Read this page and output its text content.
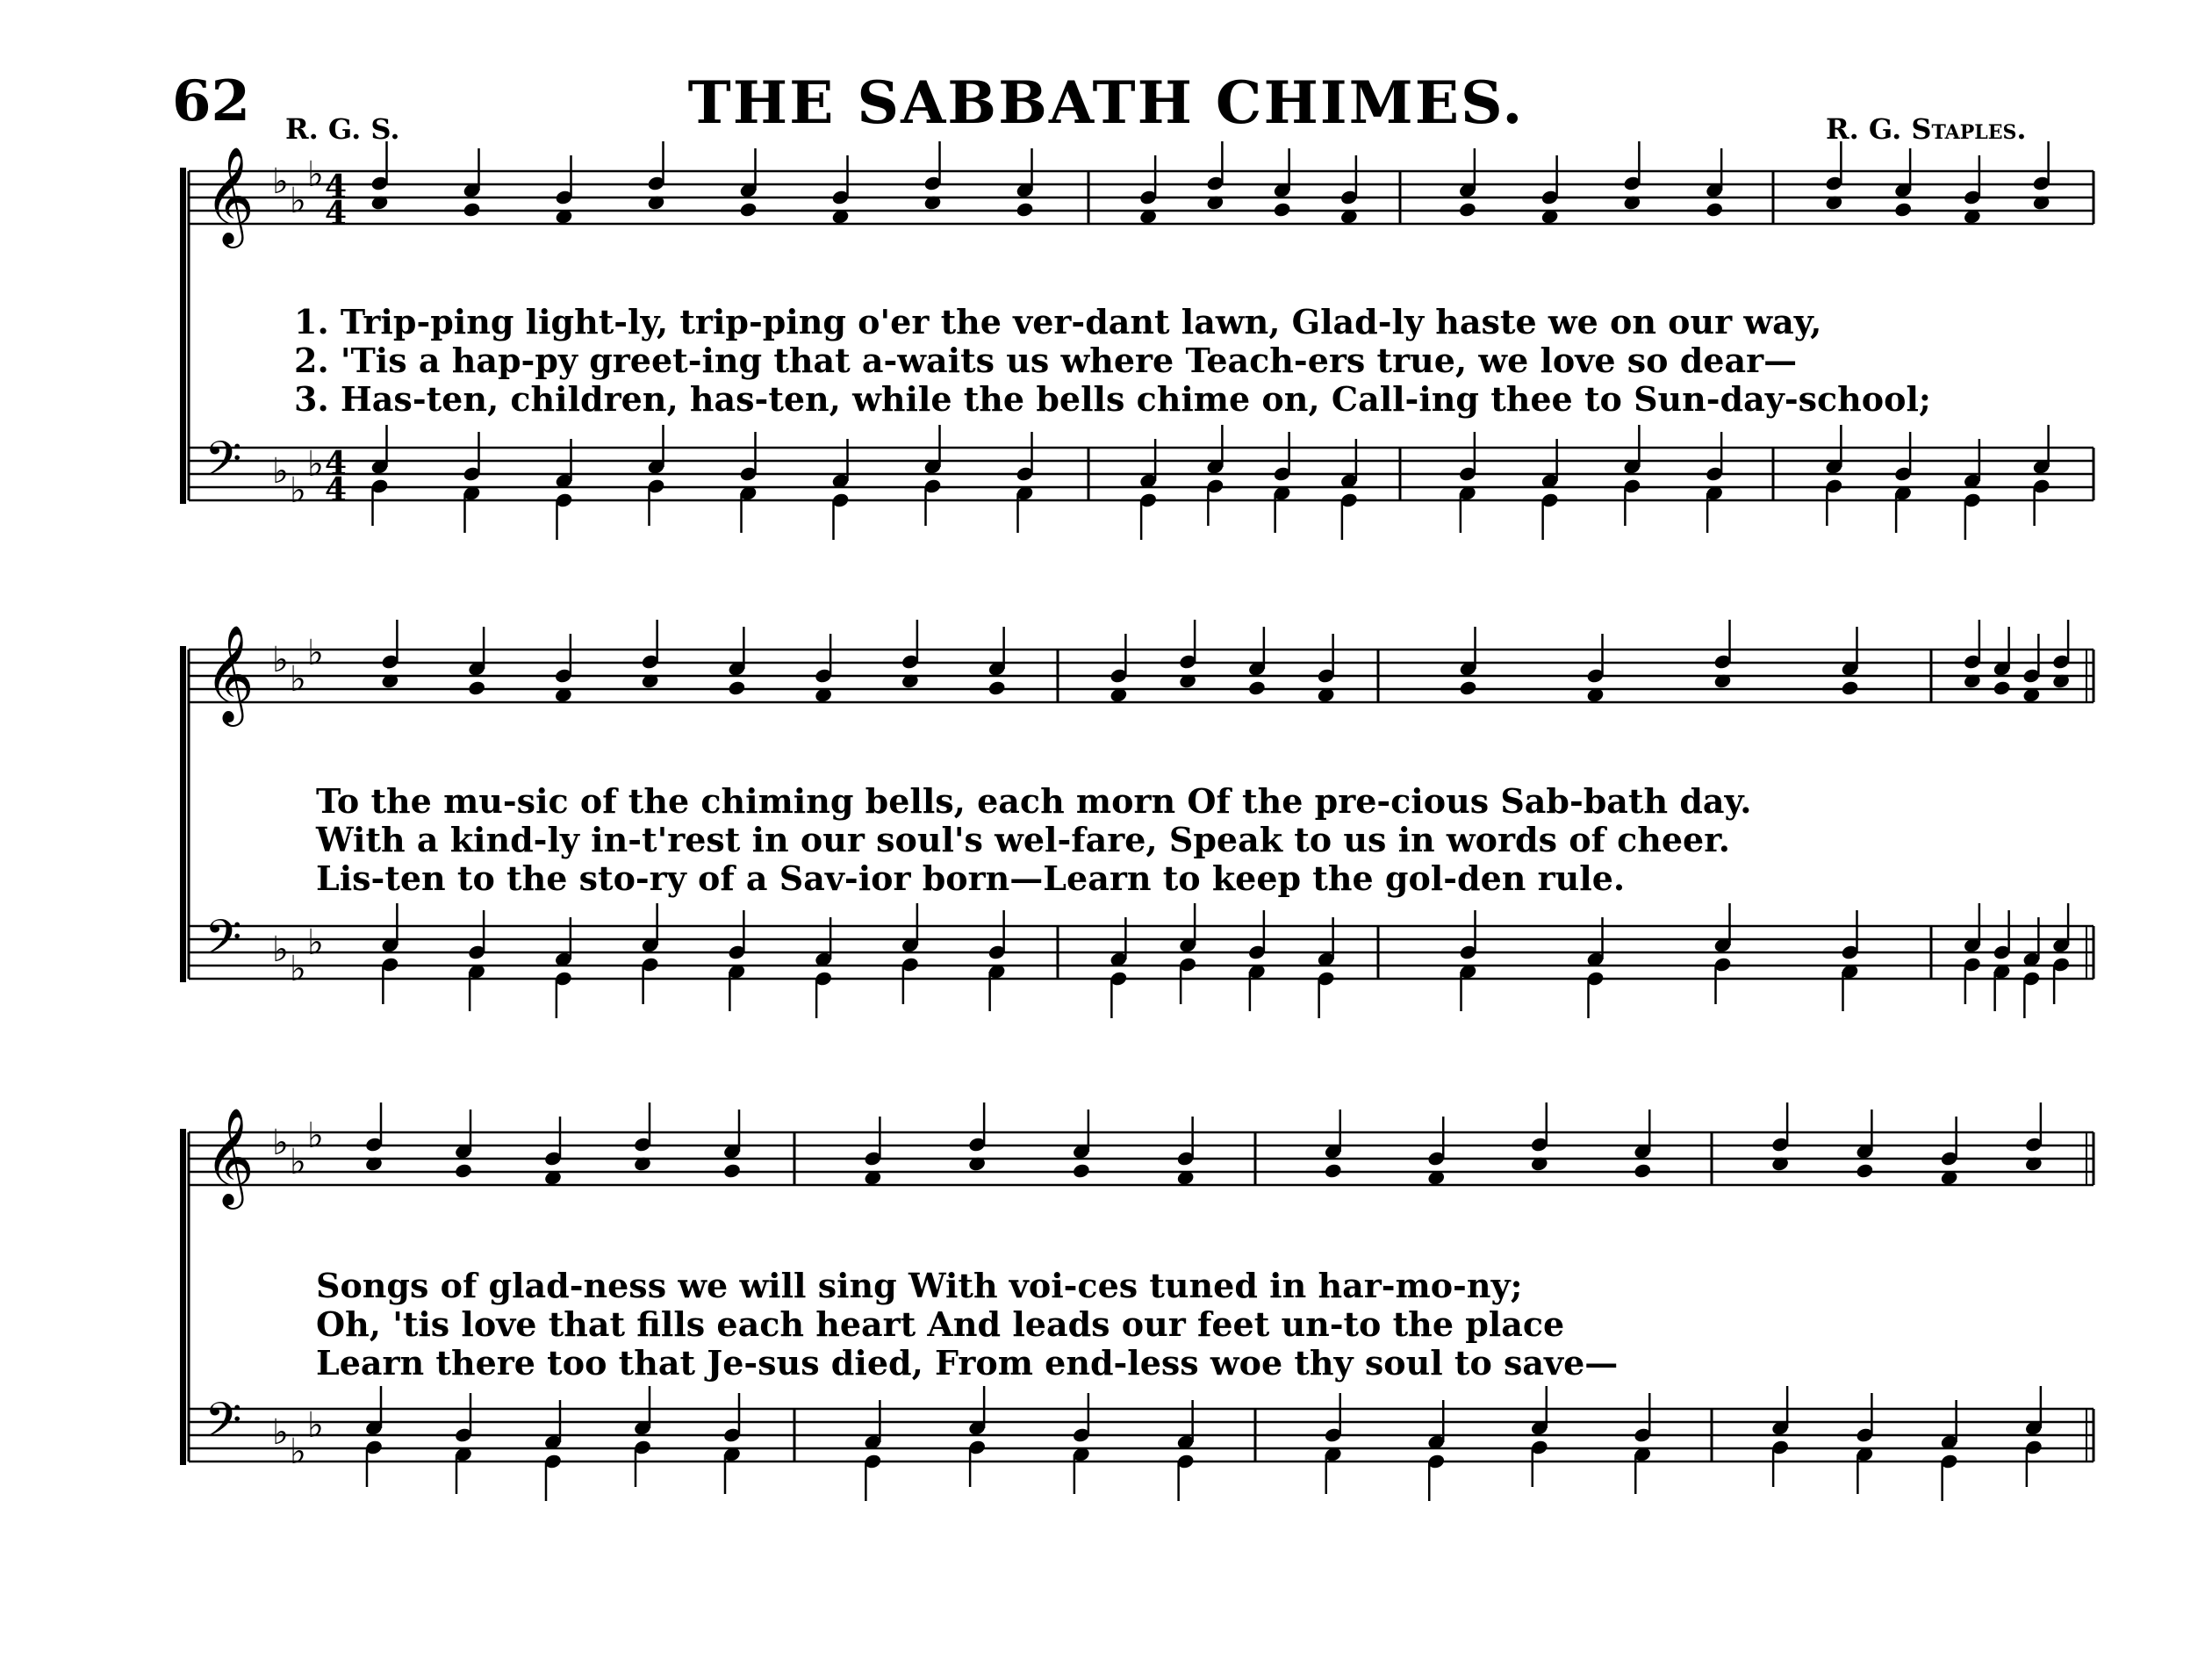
62	THE SABBATH CHIMES.
R. G. S.	R. G. Staples.
𝄞 ♭ ♭
♭ 4
4
𝄢 ♭ ♭
♭ 4
4
𝄞 ♭ ♭
♭
𝄢 ♭ ♭
♭
𝄞 ♭ ♭
♭
𝄢 ♭ ♭
♭
1. Trip-ping light-ly, trip-ping o'er the ver-dant lawn, Glad-ly haste we on our way,
2. 'Tis a hap-py greet-ing that a-waits us where Teach-ers true, we love so dear—
3. Has-ten, children, has-ten, while the bells chime on, Call-ing thee to Sun-day-school;
To the mu-sic of the chiming bells, each morn Of the pre-cious Sab-bath day.
With a kind-ly in-t'rest in our soul's wel-fare, Speak to us in words of cheer.
Lis-ten to the sto-ry of a Sav-ior born—Learn to keep the gol-den rule.
Songs of glad-ness we will sing With voi-ces tuned in har-mo-ny;
Oh, 'tis love that fills each heart And leads our feet un-to the place
Learn there too that Je-sus died, From end-less woe thy soul to save—
